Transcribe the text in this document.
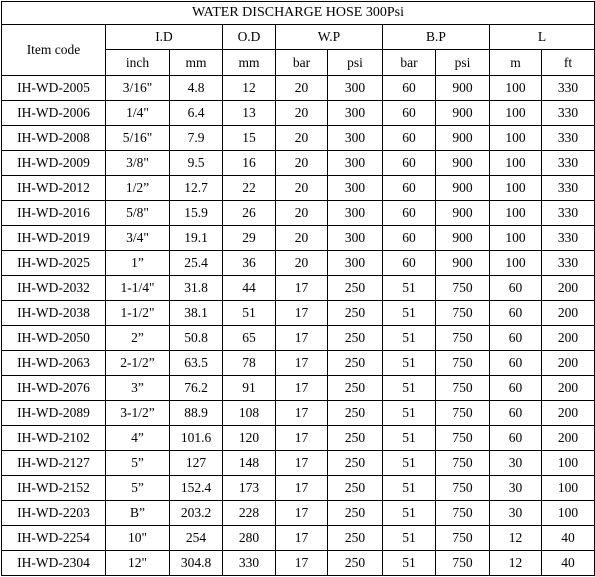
WATER DISCHARGE HOSE 300Psi									
Item code	I.D		O.D	W.P		B.P		L	
	inch	mm	mm	bar	psi	bar	psi	m	ft
IH-WD-2005	3/16"	4.8	12	20	300	60	900	100	330
IH-WD-2006	1/4"	6.4	13	20	300	60	900	100	330
IH-WD-2008	5/16"	7.9	15	20	300	60	900	100	330
IH-WD-2009	3/8"	9.5	16	20	300	60	900	100	330
IH-WD-2012	1/2”	12.7	22	20	300	60	900	100	330
IH-WD-2016	5/8"	15.9	26	20	300	60	900	100	330
IH-WD-2019	3/4"	19.1	29	20	300	60	900	100	330
IH-WD-2025	1”	25.4	36	20	300	60	900	100	330
IH-WD-2032	1-1/4"	31.8	44	17	250	51	750	60	200
IH-WD-2038	1-1/2"	38.1	51	17	250	51	750	60	200
IH-WD-2050	2”	50.8	65	17	250	51	750	60	200
IH-WD-2063	2-1/2”	63.5	78	17	250	51	750	60	200
IH-WD-2076	3”	76.2	91	17	250	51	750	60	200
IH-WD-2089	3-1/2”	88.9	108	17	250	51	750	60	200
IH-WD-2102	4”	101.6	120	17	250	51	750	60	200
IH-WD-2127	5”	127	148	17	250	51	750	30	100
IH-WD-2152	5”	152.4	173	17	250	51	750	30	100
IH-WD-2203	B”	203.2	228	17	250	51	750	30	100
IH-WD-2254	10"	254	280	17	250	51	750	12	40
IH-WD-2304	12"	304.8	330	17	250	51	750	12	40
